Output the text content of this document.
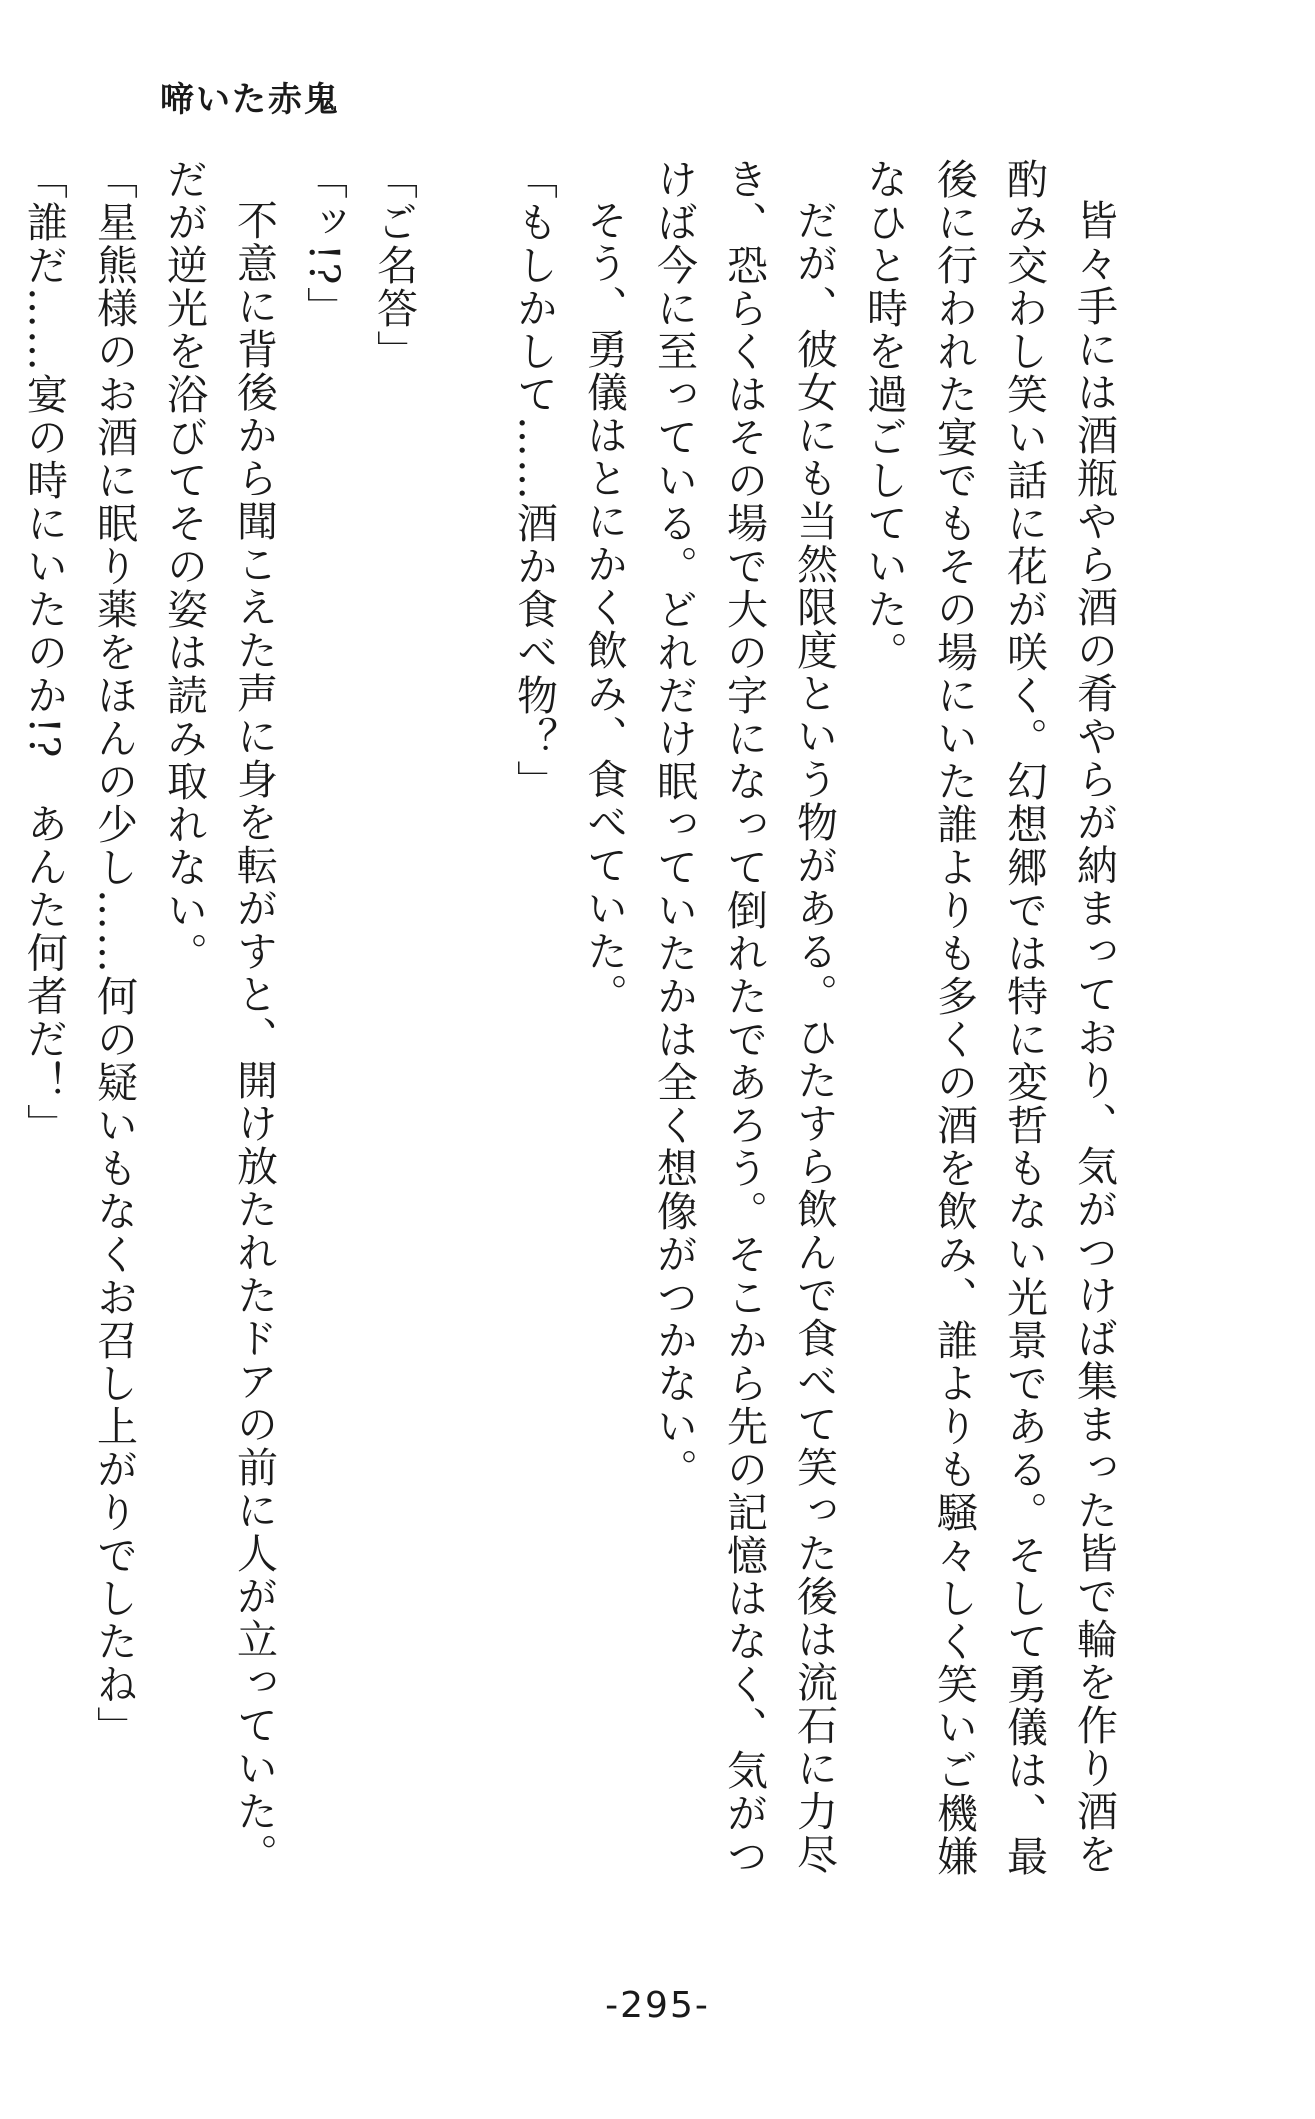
啼いた赤鬼

皆々手には酒瓶やら酒の肴やらが納まっており、気がつけば集まった皆で輪を作り酒を酌み交わし笑い話に花が咲く。幻想郷では特に変哲もない光景である。そして勇儀は、最後に行われた宴でもその場にいた誰よりも多くの酒を飲み、誰よりも騒々しく笑いご機嫌なひと時を過ごしていた。

だが、彼女にも当然限度という物がある。ひたすら飲んで食べて笑った後は流石に力尽き、恐らくはその場で大の字になって倒れたであろう。そこから先の記憶はなく、気がつけば今に至っている。どれだけ眠っていたかは全く想像がつかない。

そう、勇儀はとにかく飲み、食べていた。

「もしかして……酒か食べ物？」

「ご名答」

「ッ!?」

不意に背後から聞こえた声に身を転がすと、開け放たれたドアの前に人が立っていた。だが逆光を浴びてその姿は読み取れない。

「星熊様のお酒に眠り薬をほんの少し……何の疑いもなくお召し上がりでしたね」

「誰だ……宴の時にいたのか!?　あんた何者だ！」

-295-
